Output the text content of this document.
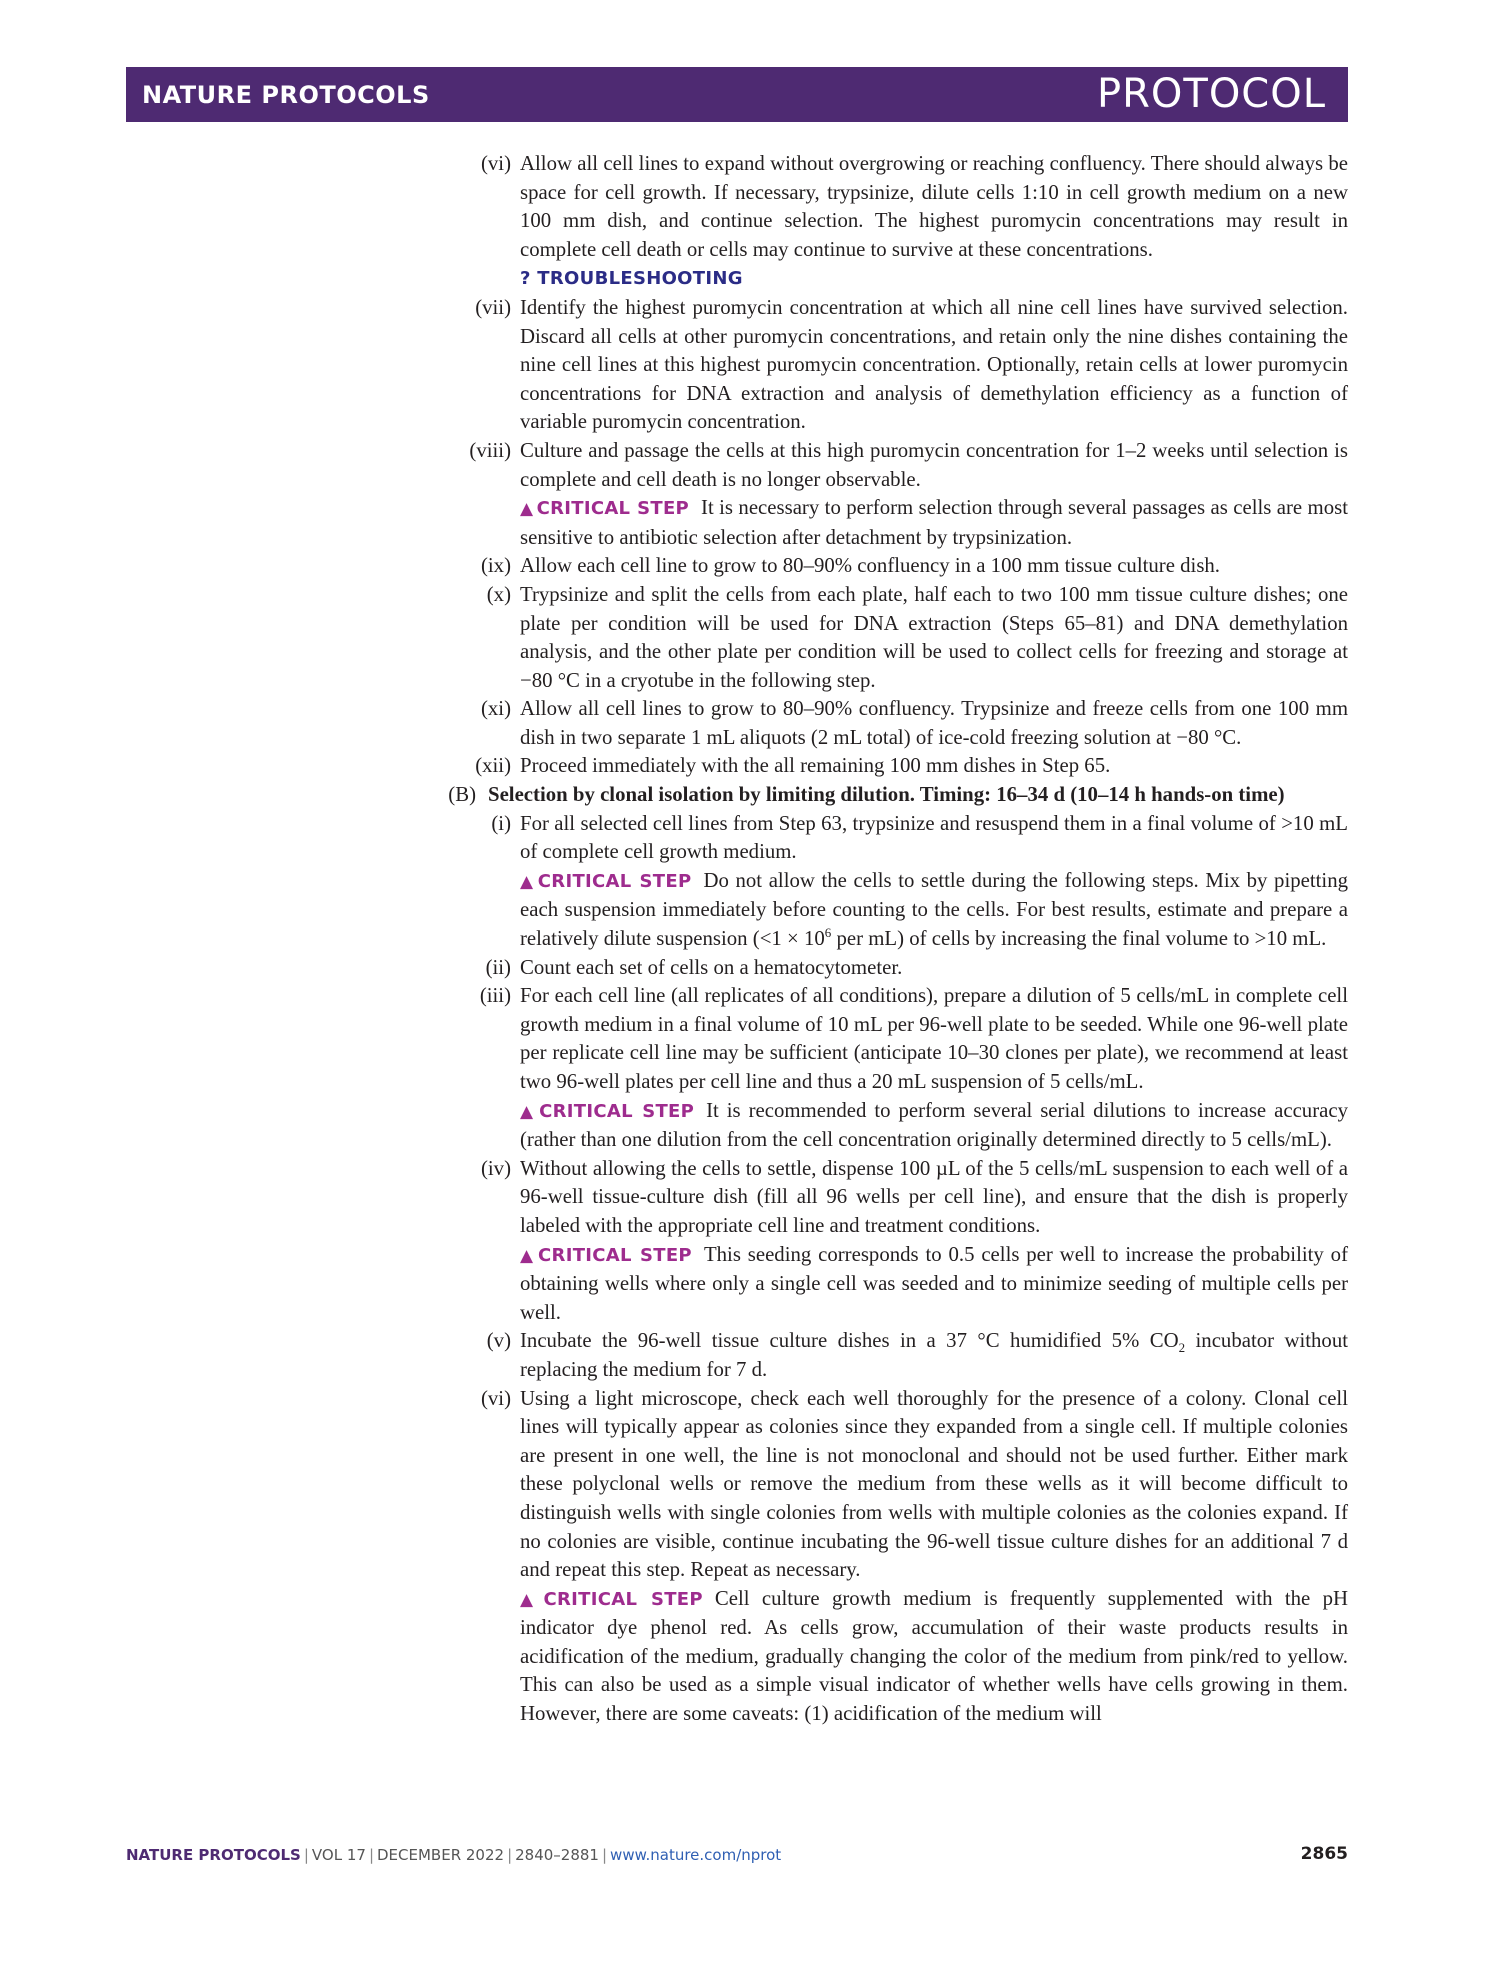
NATURE PROTOCOLS	PROTOCOL
(vi) Allow all cell lines to expand without overgrowing or reaching confluency. There should always be space for cell growth. If necessary, trypsinize, dilute cells 1:10 in cell growth medium on a new 100 mm dish, and continue selection. The highest puromycin concentrations may result in complete cell death or cells may continue to survive at these concentrations.

? TROUBLESHOOTING

(vii) Identify the highest puromycin concentration at which all nine cell lines have survived selection. Discard all cells at other puromycin concentrations, and retain only the nine dishes containing the nine cell lines at this highest puromycin concentration. Optionally, retain cells at lower puromycin concentrations for DNA extraction and analysis of demethylation efficiency as a function of variable puromycin concentration.

(viii) Culture and passage the cells at this high puromycin concentration for 1–2 weeks until selection is complete and cell death is no longer observable.

▲ CRITICAL STEP It is necessary to perform selection through several passages as cells are most sensitive to antibiotic selection after detachment by trypsinization.

(ix) Allow each cell line to grow to 80–90% confluency in a 100 mm tissue culture dish.

(x) Trypsinize and split the cells from each plate, half each to two 100 mm tissue culture dishes; one plate per condition will be used for DNA extraction (Steps 65–81) and DNA demethylation analysis, and the other plate per condition will be used to collect cells for freezing and storage at −80 °C in a cryotube in the following step.

(xi) Allow all cell lines to grow to 80–90% confluency. Trypsinize and freeze cells from one 100 mm dish in two separate 1 mL aliquots (2 mL total) of ice-cold freezing solution at −80 °C.

(xii) Proceed immediately with the all remaining 100 mm dishes in Step 65.

(B) Selection by clonal isolation by limiting dilution. Timing: 16–34 d (10–14 h hands-on time)
(i) For all selected cell lines from Step 63, trypsinize and resuspend them in a final volume of >10 mL of complete cell growth medium.

▲ CRITICAL STEP Do not allow the cells to settle during the following steps. Mix by pipetting each suspension immediately before counting to the cells. For best results, estimate and prepare a relatively dilute suspension ($<1 \times 10^6$ per mL) of cells by increasing the final volume to >10 mL.

(ii) Count each set of cells on a hematocytometer.

(iii) For each cell line (all replicates of all conditions), prepare a dilution of 5 cells/mL in complete cell growth medium in a final volume of 10 mL per 96-well plate to be seeded. While one 96-well plate per replicate cell line may be sufficient (anticipate 10–30 clones per plate), we recommend at least two 96-well plates per cell line and thus a 20 mL suspension of 5 cells/mL.

▲ CRITICAL STEP It is recommended to perform several serial dilutions to increase accuracy (rather than one dilution from the cell concentration originally determined directly to 5 cells/mL).

(iv) Without allowing the cells to settle, dispense 100 µL of the 5 cells/mL suspension to each well of a 96-well tissue-culture dish (fill all 96 wells per cell line), and ensure that the dish is properly labeled with the appropriate cell line and treatment conditions.

▲ CRITICAL STEP This seeding corresponds to 0.5 cells per well to increase the probability of obtaining wells where only a single cell was seeded and to minimize seeding of multiple cells per well.

(v) Incubate the 96-well tissue culture dishes in a 37 °C humidified 5% $CO_2$ incubator without replacing the medium for 7 d.

(vi) Using a light microscope, check each well thoroughly for the presence of a colony. Clonal cell lines will typically appear as colonies since they expanded from a single cell. If multiple colonies are present in one well, the line is not monoclonal and should not be used further. Either mark these polyclonal wells or remove the medium from these wells as it will become difficult to distinguish wells with single colonies from wells with multiple colonies as the colonies expand. If no colonies are visible, continue incubating the 96-well tissue culture dishes for an additional 7 d and repeat this step. Repeat as necessary.

▲ CRITICAL STEP Cell culture growth medium is frequently supplemented with the pH indicator dye phenol red. As cells grow, accumulation of their waste products results in acidification of the medium, gradually changing the color of the medium from pink/red to yellow. This can also be used as a simple visual indicator of whether wells have cells growing in them. However, there are some caveats: (1) acidification of the medium will

NATURE PROTOCOLS | VOL 17 | DECEMBER 2022 | 2840–2881 | www.nature.com/nprot	2865
